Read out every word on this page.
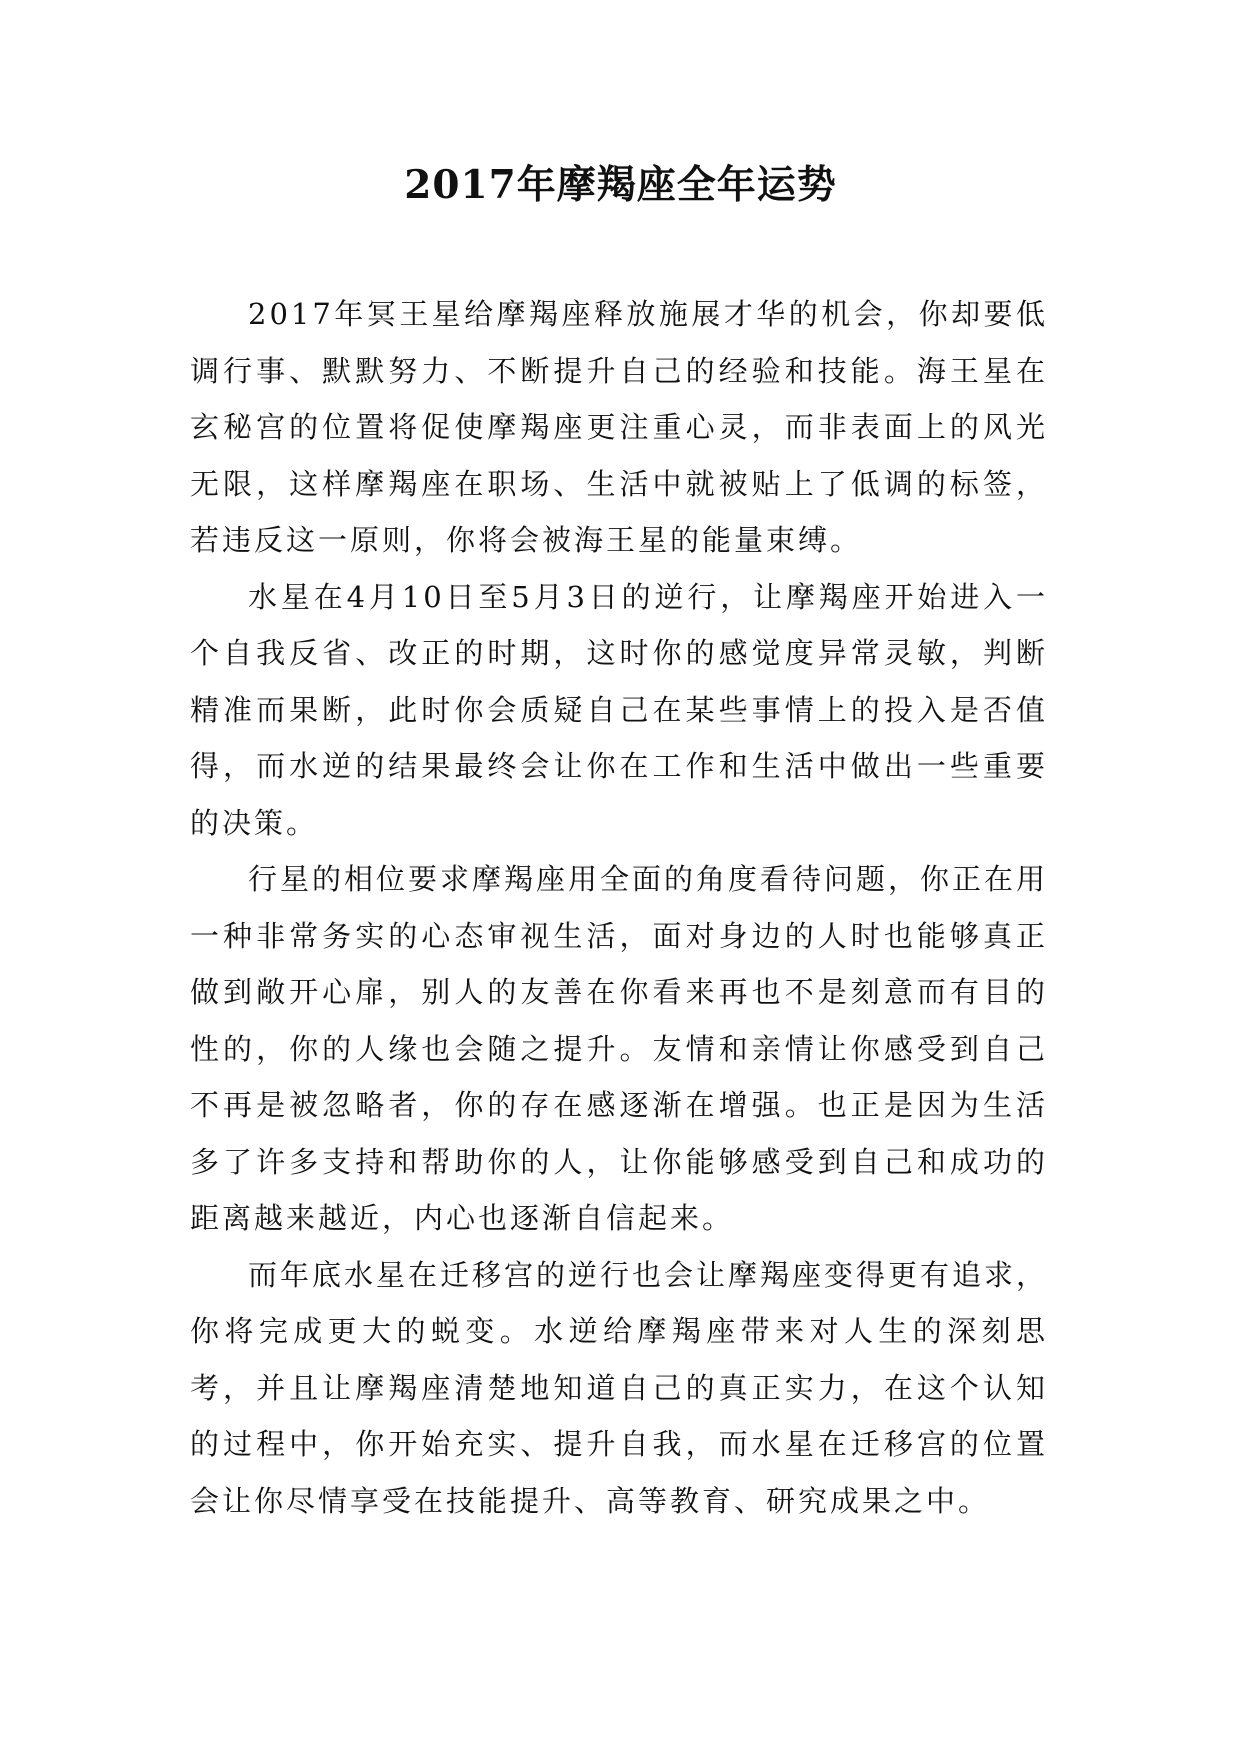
2017年摩羯座全年运势

2017年冥王星给摩羯座释放施展才华的机会，你却要低调行事、默默努力、不断提升自己的经验和技能。海王星在玄秘宫的位置将促使摩羯座更注重心灵，而非表面上的风光无限，这样摩羯座在职场、生活中就被贴上了低调的标签，若违反这一原则，你将会被海王星的能量束缚。

水星在4月10日至5月3日的逆行，让摩羯座开始进入一个自我反省、改正的时期，这时你的感觉度异常灵敏，判断精准而果断，此时你会质疑自己在某些事情上的投入是否值得，而水逆的结果最终会让你在工作和生活中做出一些重要的决策。

行星的相位要求摩羯座用全面的角度看待问题，你正在用一种非常务实的心态审视生活，面对身边的人时也能够真正做到敞开心扉，别人的友善在你看来再也不是刻意而有目的性的，你的人缘也会随之提升。友情和亲情让你感受到自己不再是被忽略者，你的存在感逐渐在增强。也正是因为生活多了许多支持和帮助你的人，让你能够感受到自己和成功的距离越来越近，内心也逐渐自信起来。

而年底水星在迁移宫的逆行也会让摩羯座变得更有追求，你将完成更大的蜕变。水逆给摩羯座带来对人生的深刻思考，并且让摩羯座清楚地知道自己的真正实力，在这个认知的过程中，你开始充实、提升自我，而水星在迁移宫的位置会让你尽情享受在技能提升、高等教育、研究成果之中。
